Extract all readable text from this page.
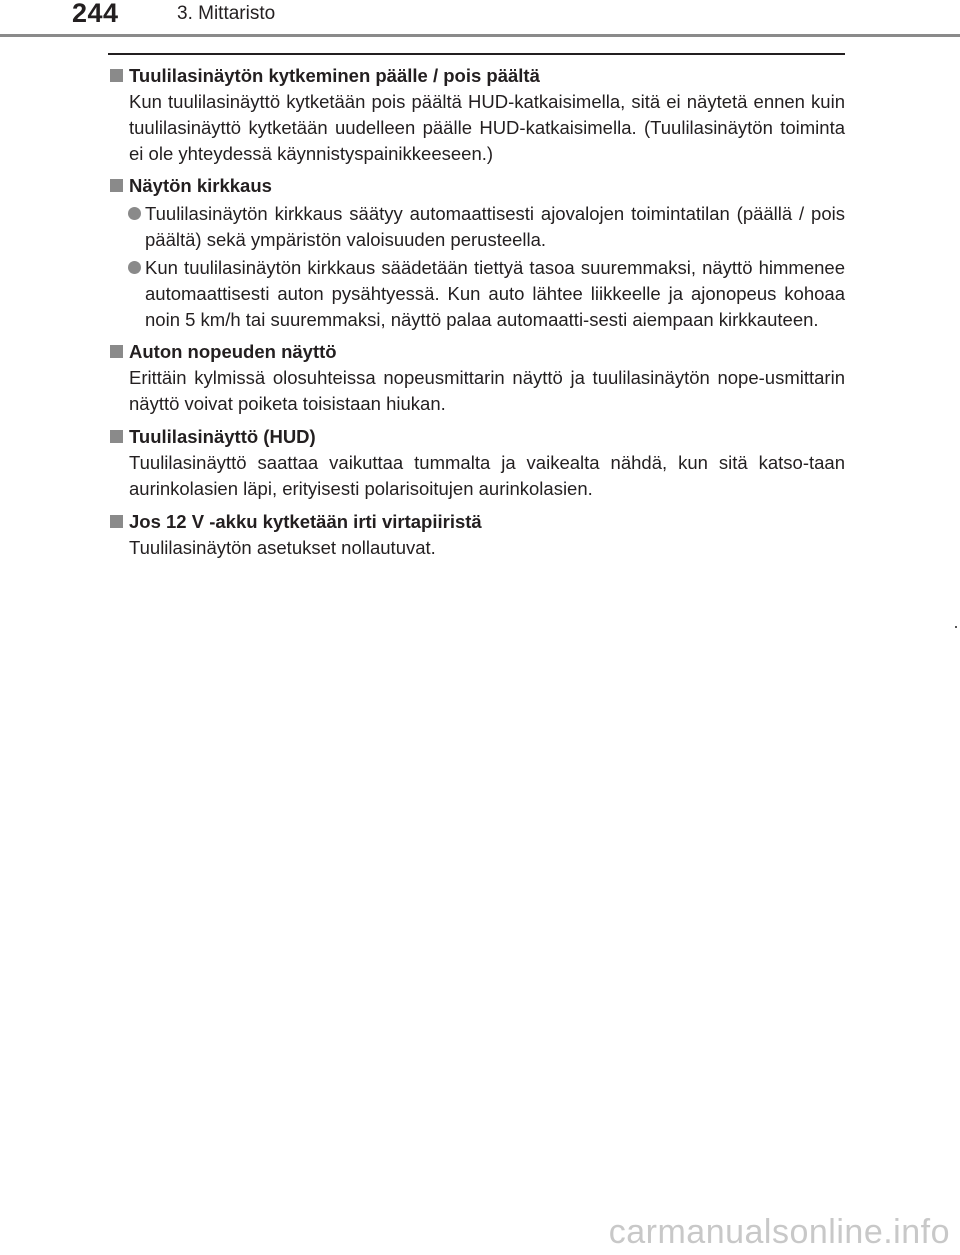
244	3. Mittaristo
Tuulilasinäytön kytkeminen päälle / pois päältä
Kun tuulilasinäyttö kytketään pois päältä HUD-katkaisimella, sitä ei näytetä ennen kuin tuulilasinäyttö kytketään uudelleen päälle HUD-katkaisimella. (Tuulilasinäytön toiminta ei ole yhteydessä käynnistyspainikkeeseen.)
Näytön kirkkaus
Tuulilasinäytön kirkkaus säätyy automaattisesti ajovalojen toimintatilan (päällä / pois päältä) sekä ympäristön valoisuuden perusteella.
Kun tuulilasinäytön kirkkaus säädetään tiettyä tasoa suuremmaksi, näyttö himmenee automaattisesti auton pysähtyessä. Kun auto lähtee liikkeelle ja ajonopeus kohoaa noin 5 km/h tai suuremmaksi, näyttö palaa automaatti-sesti aiempaan kirkkauteen.
Auton nopeuden näyttö
Erittäin kylmissä olosuhteissa nopeusmittarin näyttö ja tuulilasinäytön nope-usmittarin näyttö voivat poiketa toisistaan hiukan.
Tuulilasinäyttö (HUD)
Tuulilasinäyttö saattaa vaikuttaa tummalta ja vaikealta nähdä, kun sitä katso-taan aurinkolasien läpi, erityisesti polarisoitujen aurinkolasien.
Jos 12 V -akku kytketään irti virtapiiristä
Tuulilasinäytön asetukset nollautuvat.
carmanualsonline.info
